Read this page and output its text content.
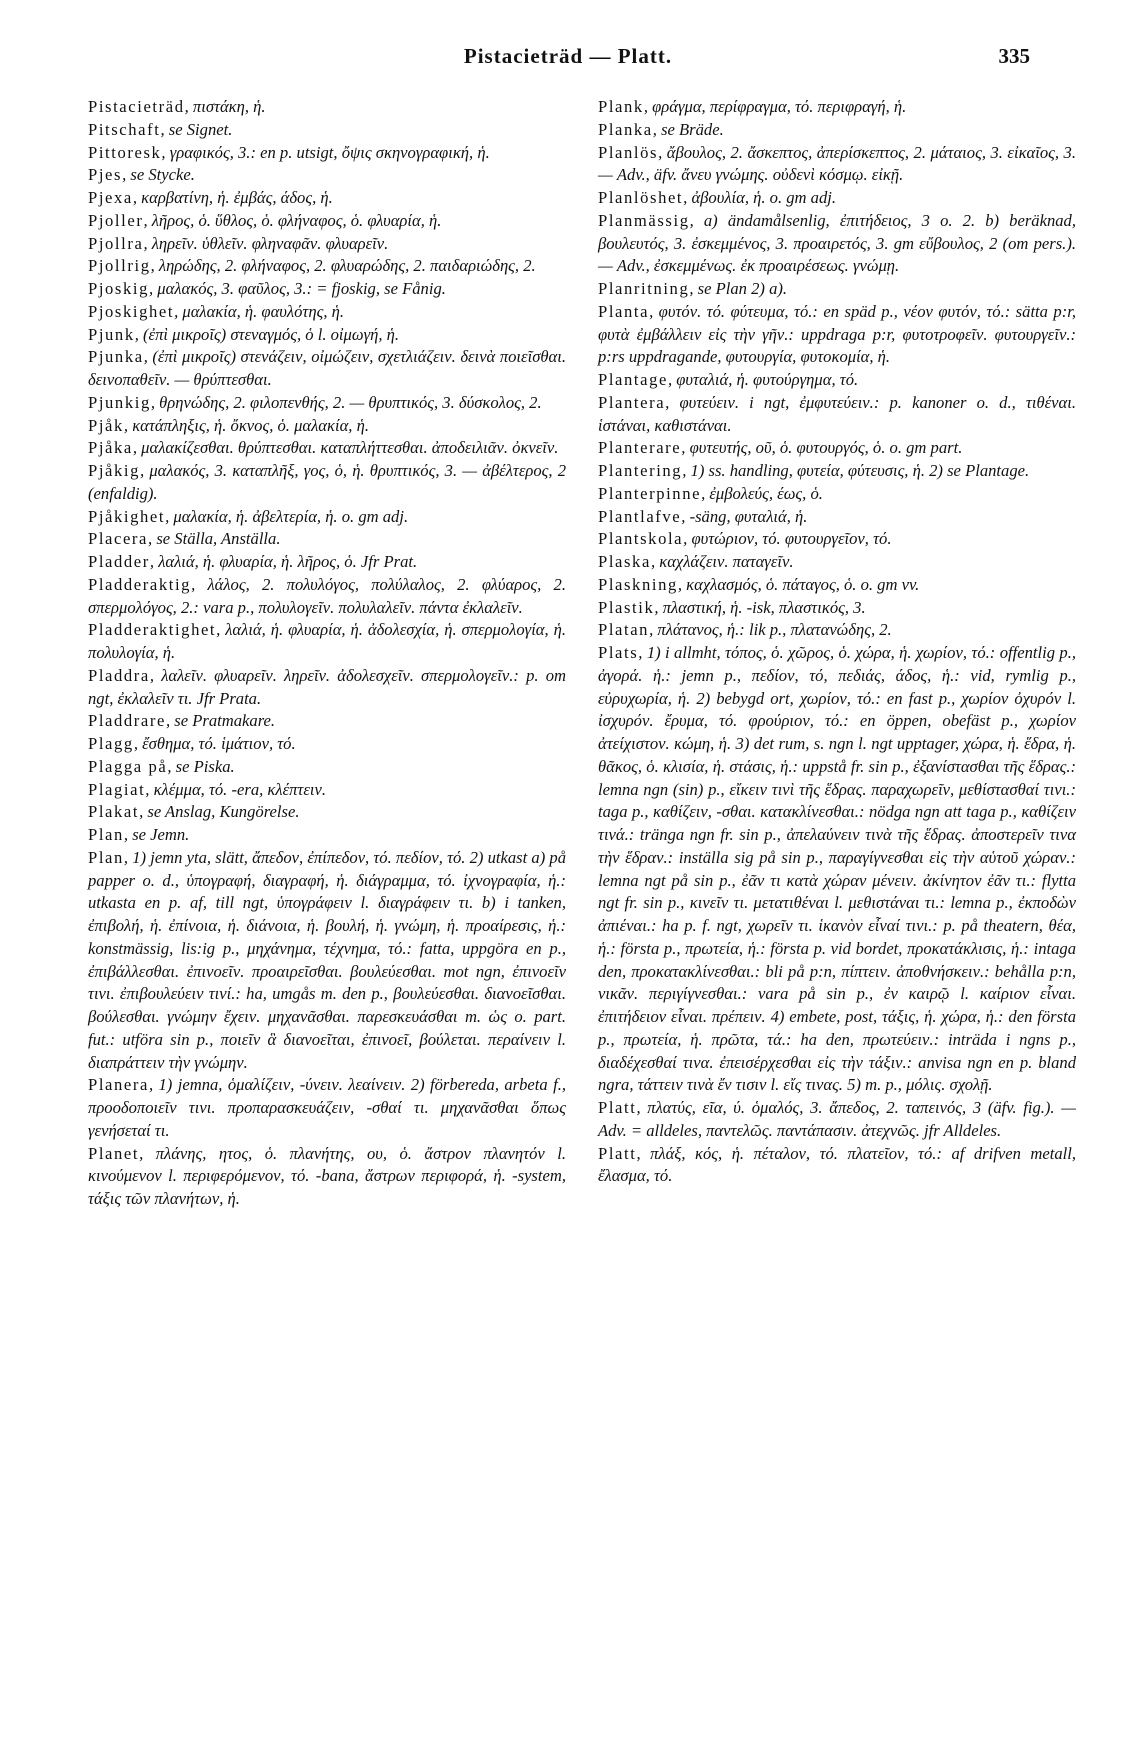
Pistacieträd — Platt.	335

Pistacieträd, πιστάκη, ἡ.

Pitschaft, se Signet.

Pittoresk, γραφικός, 3.: en p. utsigt, ὄψις σκηνογραφική, ἡ.

Pjes, se Stycke.

Pjexa, καρβατίνη, ἡ. ἐμβάς, άδος, ἡ.

Pjoller, λῆρος, ὁ. ὕθλος, ὁ. φλήναφος, ὁ. φλυαρία, ἡ.

Pjollra, ληρεῖν. ὑθλεῖν. φληναφᾶν. φλυαρεῖν.

Pjollrig, ληρώδης, 2. φλήναφος, 2. φλυαρώδης, 2. παιδαριώδης, 2.

Pjoskig, μαλακός, 3. φαῦλος, 3.: = fjoskig, se Fånig.

Pjoskighet, μαλακία, ἡ. φαυλότης, ἡ.

Pjunk, (ἐπὶ μικροῖς) στεναγμός, ὁ l. οἰμωγή, ἡ.

Pjunka, (ἐπὶ μικροῖς) στενάζειν, οἰμώζειν, σχετλιάζειν. δεινὰ ποιεῖσθαι. δεινοπαθεῖν. — θρύπτεσθαι.

Pjunkig, θρηνώδης, 2. φιλοπενθής, 2. — θρυπτικός, 3. δύσκολος, 2.

Pjåk, κατάπληξις, ἡ. ὄκνος, ὁ. μαλακία, ἡ.

Pjåka, μαλακίζεσθαι. θρύπτεσθαι. καταπλήττεσθαι. ἀποδειλιᾶν. ὀκνεῖν.

Pjåkig, μαλακός, 3. καταπλῆξ, γος, ὁ, ἡ. θρυπτικός, 3. — ἀβέλτερος, 2 (enfaldig).

Pjåkighet, μαλακία, ἡ. ἀβελτερία, ἡ. o. gm adj.

Placera, se Ställa, Anställa.

Pladder, λαλιά, ἡ. φλυαρία, ἡ. λῆρος, ὁ. Jfr Prat.

Pladderaktig, λάλος, 2. πολυλόγος, πολύλαλος, 2. φλύαρος, 2. σπερμολόγος, 2.: vara p., πολυλογεῖν. πολυλαλεῖν. πάντα ἐκλαλεῖν.

Pladderaktighet, λαλιά, ἡ. φλυαρία, ἡ. ἀδολεσχία, ἡ. σπερμολογία, ἡ. πολυλογία, ἡ.

Pladdra, λαλεῖν. φλυαρεῖν. ληρεῖν. ἀδολεσχεῖν. σπερμολογεῖν.: p. om ngt, ἐκλαλεῖν τι. Jfr Prata.

Pladdrare, se Pratmakare.

Plagg, ἔσθημα, τό. ἱμάτιον, τό.

Plagga på, se Piska.

Plagiat, κλέμμα, τό. -era, κλέπτειν.

Plakat, se Anslag, Kungörelse.

Plan, se Jemn.

Plan, 1) jemn yta, slätt, ἄπεδον, ἐπίπεδον, τό. πεδίον, τό. 2) utkast a) på papper o. d., ὑπογραφή, διαγραφή, ἡ. διάγραμμα, τό. ἰχνογραφία, ἡ.: utkasta en p. af, till ngt, ὑπογράφειν l. διαγράφειν τι. b) i tanken, ἐπιβολή, ἡ. ἐπίνοια, ἡ. διάνοια, ἡ. βουλή, ἡ. γνώμη, ἡ. προαίρεσις, ἡ.: konstmässig, lis:ig p., μηχάνημα, τέχνημα, τό.: fatta, uppgöra en p., ἐπιβάλλεσθαι. ἐπινοεῖν. προαιρεῖσθαι. βουλεύεσθαι. mot ngn, ἐπινοεῖν τινι. ἐπιβουλεύειν τινί.: ha, umgås m. den p., βουλεύεσθαι. διανοεῖσθαι. βούλεσθαι. γνώμην ἔχειν. μηχανᾶσθαι. παρεσκευάσθαι m. ὡς o. part. fut.: utföra sin p., ποιεῖν ἃ διανοεῖται, ἐπινοεῖ, βούλεται. περαίνειν l. διαπράττειν τὴν γνώμην.

Planera, 1) jemna, ὁμαλίζειν, -ύνειν. λεαίνειν. 2) förbereda, arbeta f., προοδοποιεῖν τινι. προπαρασκευάζειν, -σθαί τι. μηχανᾶσθαι ὅπως γενήσεταί τι.

Planet, πλάνης, ητος, ὁ. πλανήτης, ου, ὁ. ἄστρον πλανητόν l. κινούμενον l. περιφερόμενον, τό. -bana, ἄστρων περιφορά, ἡ. -system, τάξις τῶν πλανήτων, ἡ.

Plank, φράγμα, περίφραγμα, τό. περιφραγή, ἡ.

Planka, se Bräde.

Planlös, ἄβουλος, 2. ἄσκεπτος, ἀπερίσκεπτος, 2. μάταιος, 3. εἰκαῖος, 3. — Adv., äfv. ἄνευ γνώμης. οὐδενὶ κόσμῳ. εἰκῇ.

Planlöshet, ἀβουλία, ἡ. o. gm adj.

Planmässig, a) ändamålsenlig, ἐπιτήδειος, 3 o. 2. b) beräknad, βουλευτός, 3. ἐσκεμμένος, 3. προαιρετός, 3. gm εὔβουλος, 2 (om pers.). — Adv., ἐσκεμμένως. ἐκ προαιρέσεως. γνώμῃ.

Planritning, se Plan 2) a).

Planta, φυτόν. τό. φύτευμα, τό.: en späd p., νέον φυτόν, τό.: sätta p:r, φυτὰ ἐμβάλλειν εἰς τὴν γῆν.: uppdraga p:r, φυτοτροφεῖν. φυτουργεῖν.: p:rs uppdragande, φυτουργία, φυτοκομία, ἡ.

Plantage, φυταλιά, ἡ. φυτούργημα, τό.

Plantera, φυτεύειν. i ngt, ἐμφυτεύειν.: p. kanoner o. d., τιθέναι. ἱστάναι, καθιστάναι.

Planterare, φυτευτής, οῦ, ὁ. φυτουργός, ὁ. o. gm part.

Plantering, 1) ss. handling, φυτεία, φύτευσις, ἡ. 2) se Plantage.

Planterpinne, ἐμβολεύς, έως, ὁ.

Plantlafve, -säng, φυταλιά, ἡ.

Plantskola, φυτώριον, τό. φυτουργεῖον, τό.

Plaska, καχλάζειν. παταγεῖν.

Plaskning, καχλασμός, ὁ. πάταγος, ὁ. o. gm vv.

Plastik, πλαστική, ἡ. -isk, πλαστικός, 3.

Platan, πλάτανος, ἡ.: lik p., πλατανώδης, 2.

Plats, 1) i allmht, τόπος, ὁ. χῶρος, ὁ. χώρα, ἡ. χωρίον, τό.: offentlig p., ἀγορά. ἡ.: jemn p., πεδίον, τό, πεδιάς, άδος, ἡ.: vid, rymlig p., εὐρυχωρία, ἡ. 2) bebygd ort, χωρίον, τό.: en fast p., χωρίον ὀχυρόν l. ἰσχυρόν. ἔρυμα, τό. φρούριον, τό.: en öppen, obefäst p., χωρίον ἀτείχιστον. κώμη, ἡ. 3) det rum, s. ngn l. ngt upptager, χώρα, ἡ. ἕδρα, ἡ. θᾶκος, ὁ. κλισία, ἡ. στάσις, ἡ.: uppstå fr. sin p., ἐξανίστασθαι τῆς ἕδρας.: lemna ngn (sin) p., εἴκειν τινὶ τῆς ἕδρας. παραχωρεῖν, μεθίστασθαί τινι.: taga p., καθίζειν, -σθαι. κατακλίνεσθαι.: nödga ngn att taga p., καθίζειν τινά.: tränga ngn fr. sin p., ἀπελαύνειν τινὰ τῆς ἕδρας. ἀποστερεῖν τινα τὴν ἕδραν.: inställa sig på sin p., παραγίγνεσθαι εἰς τὴν αὑτοῦ χώραν.: lemna ngt på sin p., ἐᾶν τι κατὰ χώραν μένειν. ἀκίνητον ἐᾶν τι.: flytta ngt fr. sin p., κινεῖν τι. μετατιθέναι l. μεθιστάναι τι.: lemna p., ἐκποδὼν ἀπιέναι.: ha p. f. ngt, χωρεῖν τι. ἱκανὸν εἶναί τινι.: p. på theatern, θέα, ἡ.: första p., πρωτεία, ἡ.: första p. vid bordet, προκατάκλισις, ἡ.: intaga den, προκατακλίνεσθαι.: bli på p:n, πίπτειν. ἀποθνήσκειν.: behålla p:n, νικᾶν. περιγίγνεσθαι.: vara på sin p., ἐν καιρῷ l. καίριον εἶναι. ἐπιτήδειον εἶναι. πρέπειν. 4) embete, post, τάξις, ἡ. χώρα, ἡ.: den första p., πρωτεία, ἡ. πρῶτα, τά.: ha den, πρωτεύειν.: inträda i ngns p., διαδέχεσθαί τινα. ἐπεισέρχεσθαι εἰς τὴν τάξιν.: anvisa ngn en p. bland ngra, τάττειν τινὰ ἔν τισιν l. εἴς τινας. 5) m. p., μόλις. σχολῇ.

Platt, πλατύς, εῖα, ύ. ὁμαλός, 3. ἄπεδος, 2. ταπεινός, 3 (äfv. fig.). — Adv. = alldeles, παντελῶς. παντάπασιν. ἀτεχνῶς. jfr Alldeles.

Platt, πλάξ, κός, ἡ. πέταλον, τό. πλατεῖον, τό.: af drifven metall, ἔλασμα, τό.
